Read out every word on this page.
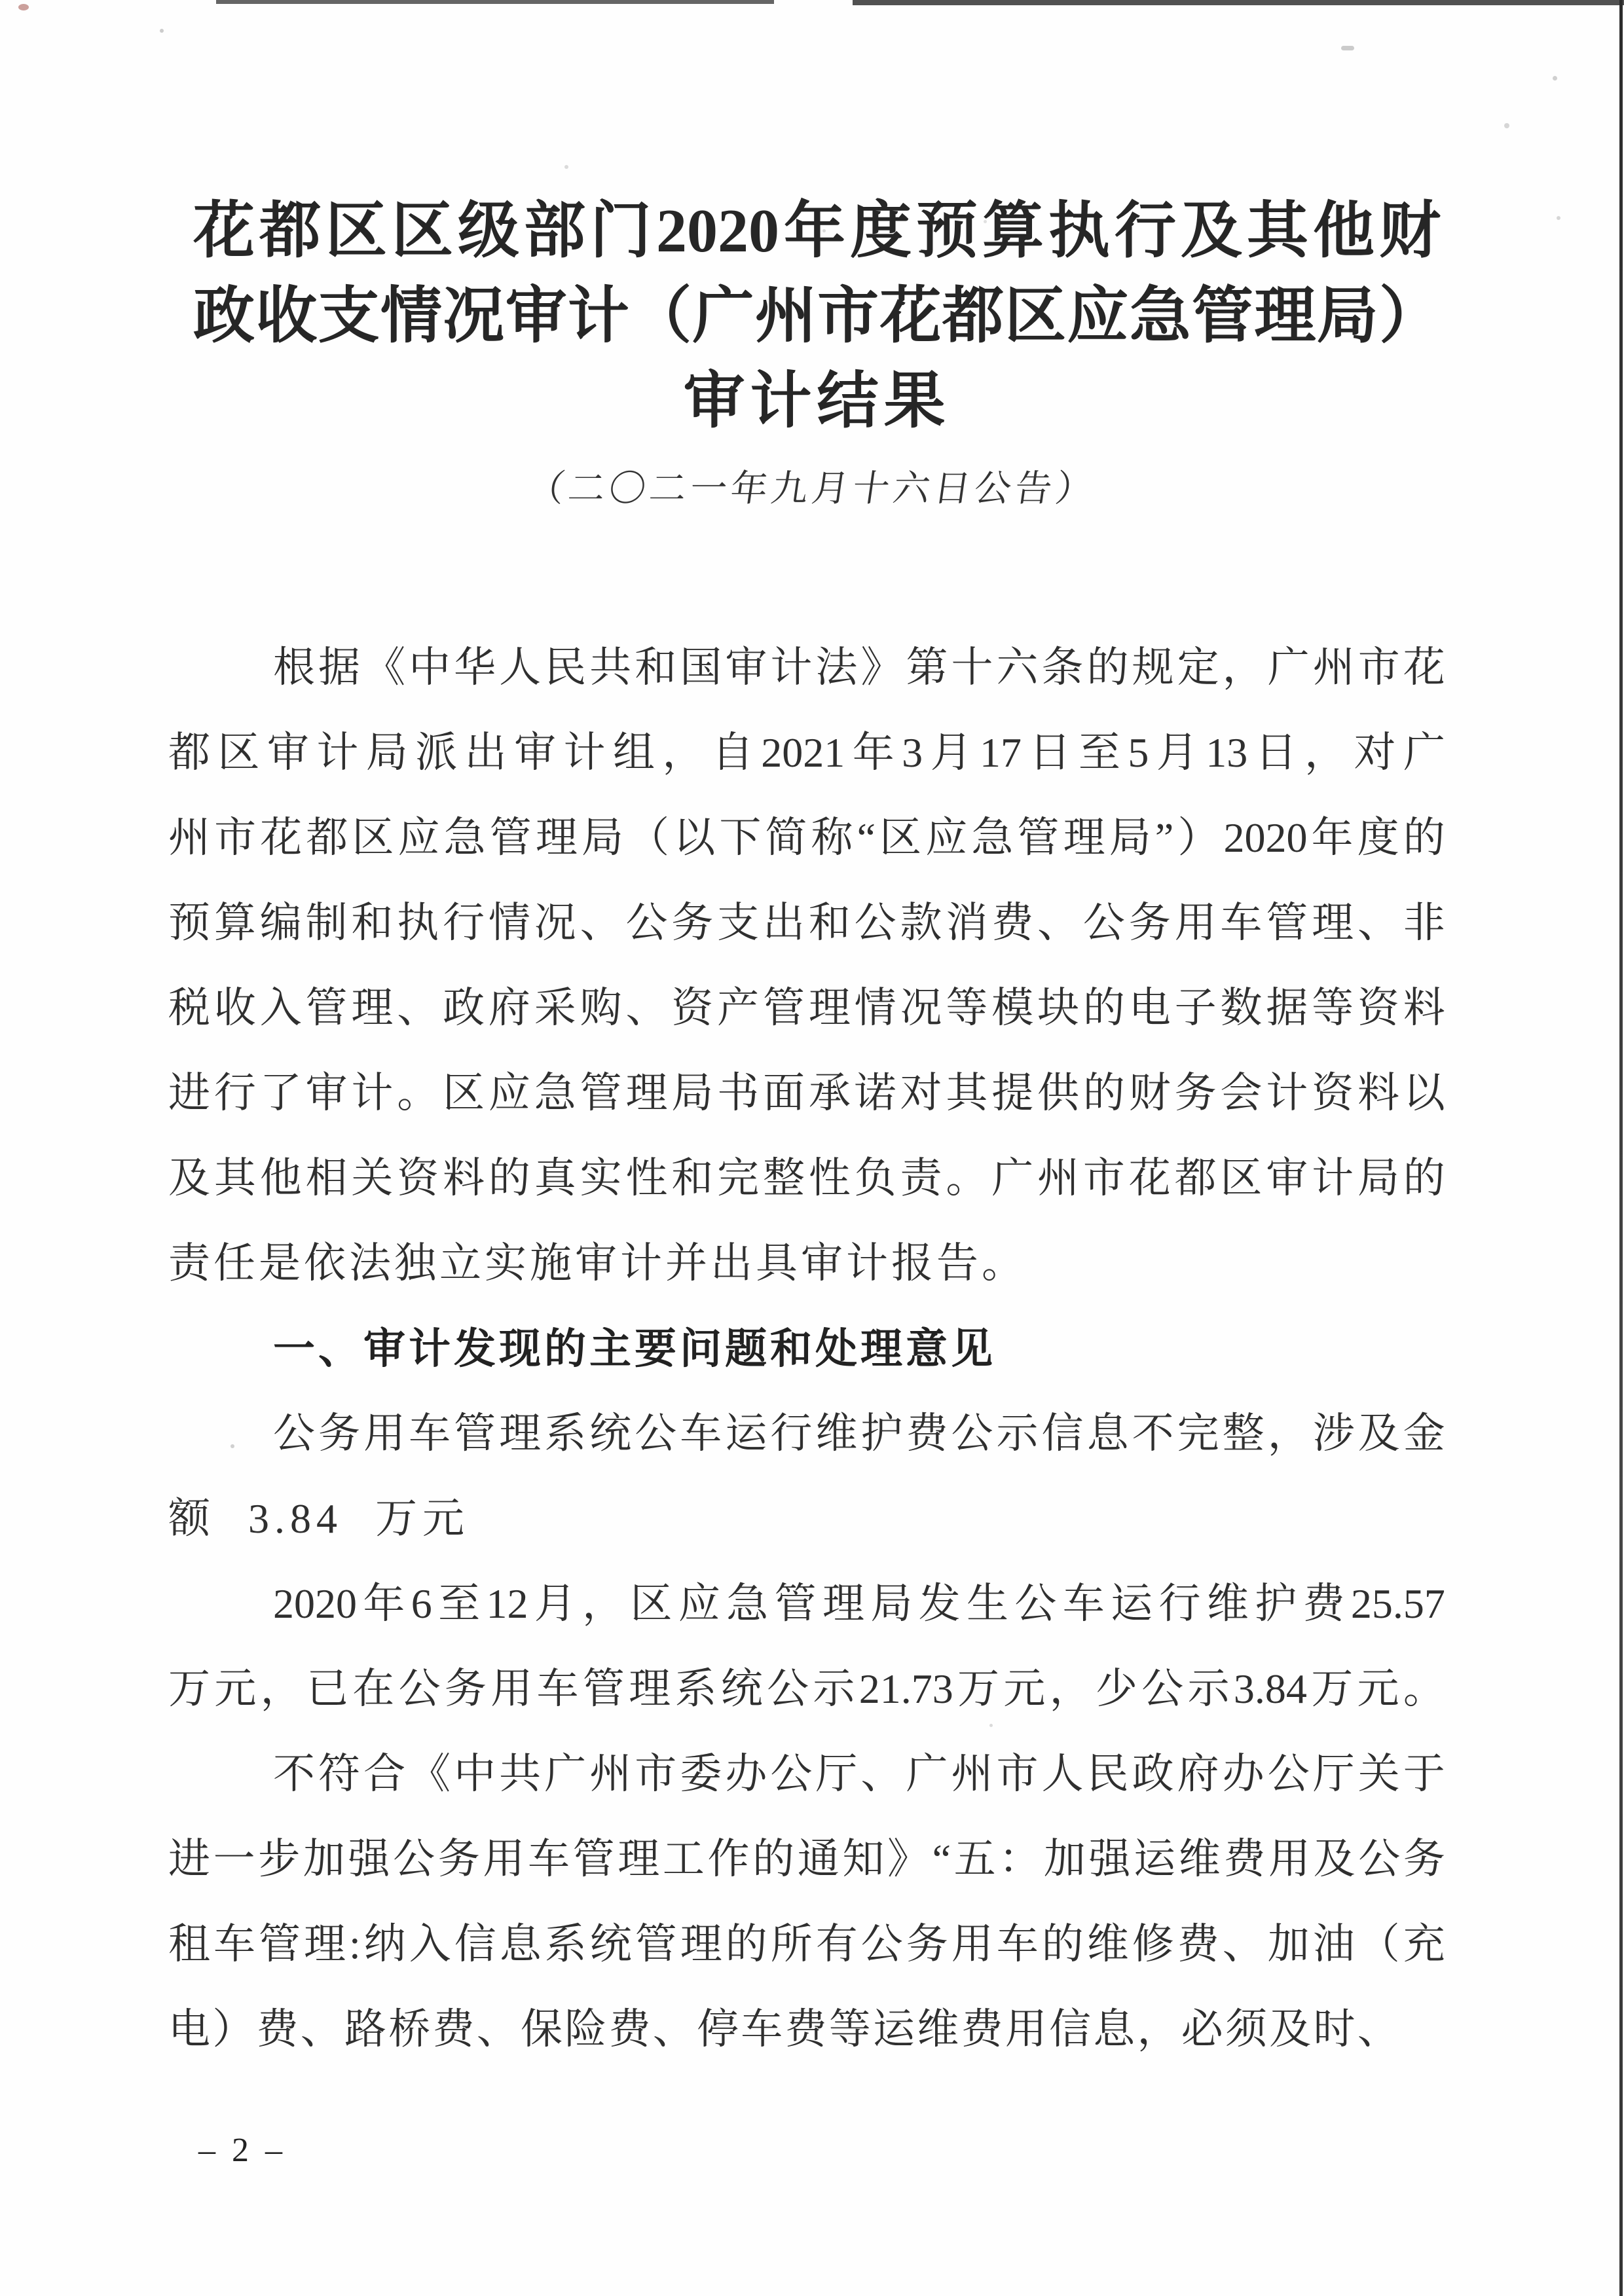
花 都 区 区 级 部 门 2020 年 度 预 算 执 行 及 其 他 财
政 收 支 情 况 审 计 （ 广 州 市 花 都 区 应 急 管 理 局 ）
审计结果
（二〇二一年九月十六日公告）
根 据 《 中 华 人 民 共 和 国 审 计 法 》 第 十 六 条 的 规 定 ， 广 州 市 花
都 区 审 计 局 派 出 审 计 组 ， 自 2021 年 3 月 17 日 至 5 月 13 日 ， 对 广
州 市 花 都 区 应 急 管 理 局 （ 以 下 简 称 “ 区 应 急 管 理 局 ” ） 2020 年 度 的
预 算 编 制 和 执 行 情 况 、 公 务 支 出 和 公 款 消 费 、 公 务 用 车 管 理 、 非
税 收 入 管 理 、 政 府 采 购 、 资 产 管 理 情 况 等 模 块 的 电 子 数 据 等 资 料
进 行 了 审 计 。 区 应 急 管 理 局 书 面 承 诺 对 其 提 供 的 财 务 会 计 资 料 以
及 其 他 相 关 资 料 的 真 实 性 和 完 整 性 负 责 。 广 州 市 花 都 区 审 计 局 的
责任是依法独立实施审计并出具审计报告。
一、审计发现的主要问题和处理意见
公 务 用 车 管 理 系 统 公 车 运 行 维 护 费 公 示 信 息 不 完 整 ， 涉 及 金
额 3.84 万元
2020 年 6 至 12 月 ， 区 应 急 管 理 局 发 生 公 车 运 行 维 护 费 25.57
万 元 ， 已 在 公 务 用 车 管 理 系 统 公 示 21.73 万 元 ， 少 公 示 3.84 万 元 。
不 符 合 《 中 共 广 州 市 委 办 公 厅 、 广 州 市 人 民 政 府 办 公 厅 关 于
进 一 步 加 强 公 务 用 车 管 理 工 作 的 通 知 》 “ 五 ： 加 强 运 维 费 用 及 公 务
租 车 管 理 : 纳 入 信 息 系 统 管 理 的 所 有 公 务 用 车 的 维 修 费 、 加 油 （ 充
电 ） 费 、 路 桥 费 、 保 险 费 、 停 车 费 等 运 维 费 用 信 息 ， 必 须 及 时 、
– 2 –
